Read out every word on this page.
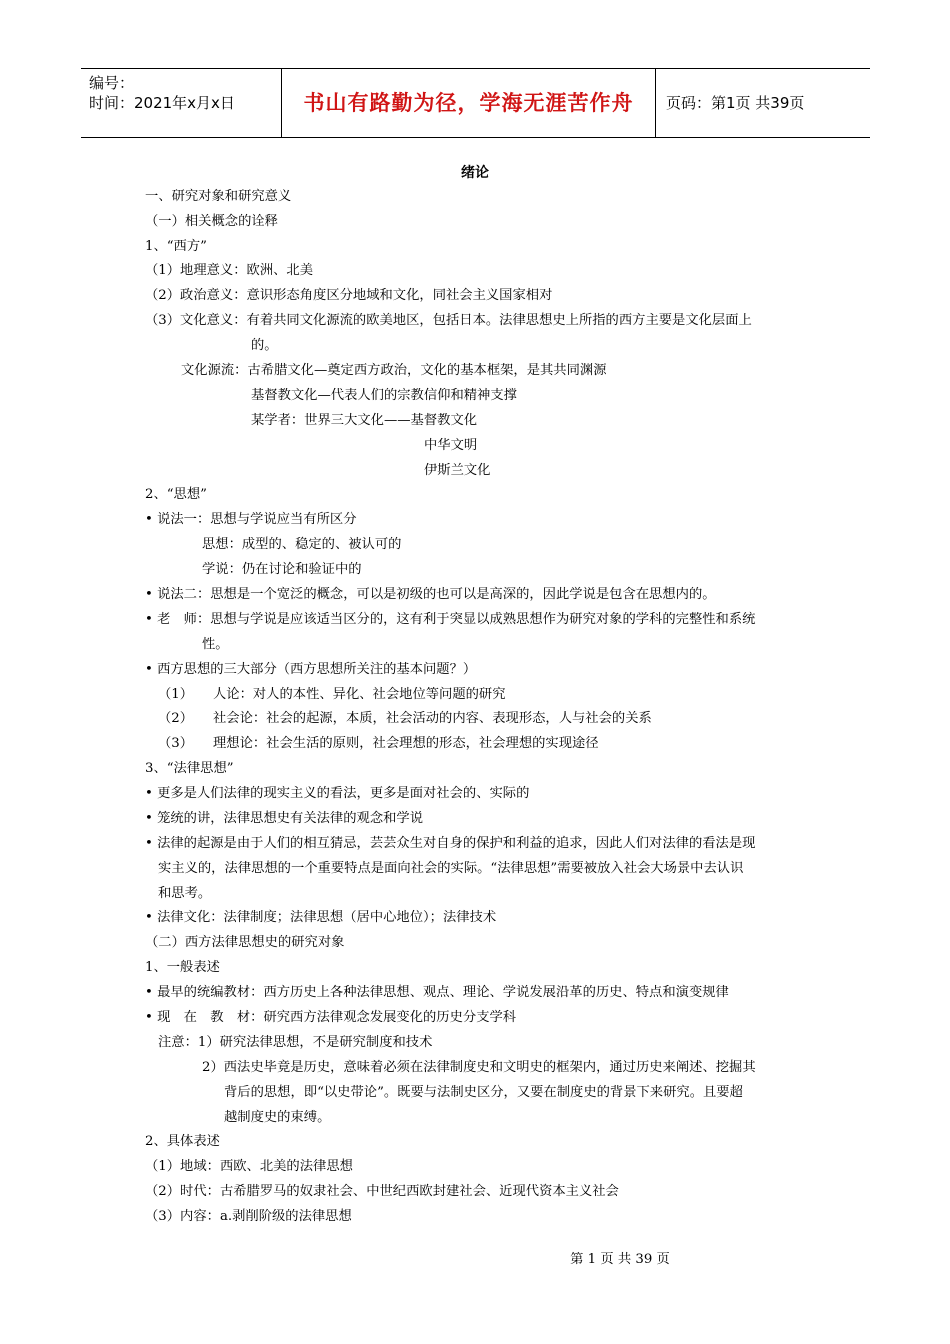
编号：
时间：2021年x月x日	书山有路勤为径，学海无涯苦作舟	页码：第1页 共39页
绪论
一、研究对象和研究意义
（一）相关概念的诠释
1、“西方”
（1）地理意义：欧洲、北美
（2）政治意义：意识形态角度区分地域和文化，同社会主义国家相对
（3）文化意义：有着共同文化源流的欧美地区，包括日本。法律思想史上所指的西方主要是文化层面上
的。
文化源流：古希腊文化—奠定西方政治，文化的基本框架，是其共同渊源
基督教文化—代表人们的宗教信仰和精神支撑
某学者：世界三大文化——基督教文化
中华文明
伊斯兰文化
2、“思想”
• 说法一：思想与学说应当有所区分
思想：成型的、稳定的、被认可的
学说：仍在讨论和验证中的
• 说法二：思想是一个宽泛的概念，可以是初级的也可以是高深的，因此学说是包含在思想内的。
• 老　师：思想与学说是应该适当区分的，这有利于突显以成熟思想作为研究对象的学科的完整性和系统
性。
• 西方思想的三大部分（西方思想所关注的基本问题？）
（1）　　人论：对人的本性、异化、社会地位等问题的研究
（2）　　社会论：社会的起源，本质，社会活动的内容、表现形态，人与社会的关系
（3）　　理想论：社会生活的原则，社会理想的形态，社会理想的实现途径
3、“法律思想”
• 更多是人们法律的现实主义的看法，更多是面对社会的、实际的
• 笼统的讲，法律思想史有关法律的观念和学说
• 法律的起源是由于人们的相互猜忌，芸芸众生对自身的保护和利益的追求，因此人们对法律的看法是现
实主义的，法律思想的一个重要特点是面向社会的实际。“法律思想”需要被放入社会大场景中去认识
和思考。
• 法律文化：法律制度；法律思想（居中心地位）；法律技术
（二）西方法律思想史的研究对象
1、一般表述
• 最早的统编教材：西方历史上各种法律思想、观点、理论、学说发展沿革的历史、特点和演变规律
• 现　在　教　材：研究西方法律观念发展变化的历史分支学科
注意：1）研究法律思想，不是研究制度和技术
2）西法史毕竟是历史，意味着必须在法律制度史和文明史的框架内，通过历史来阐述、挖掘其
背后的思想，即“以史带论”。既要与法制史区分，又要在制度史的背景下来研究。且要超
越制度史的束缚。
2、具体表述
（1）地域：西欧、北美的法律思想
（2）时代：古希腊罗马的奴隶社会、中世纪西欧封建社会、近现代资本主义社会
（3）内容：a.剥削阶级的法律思想
第 1 页 共 39 页
